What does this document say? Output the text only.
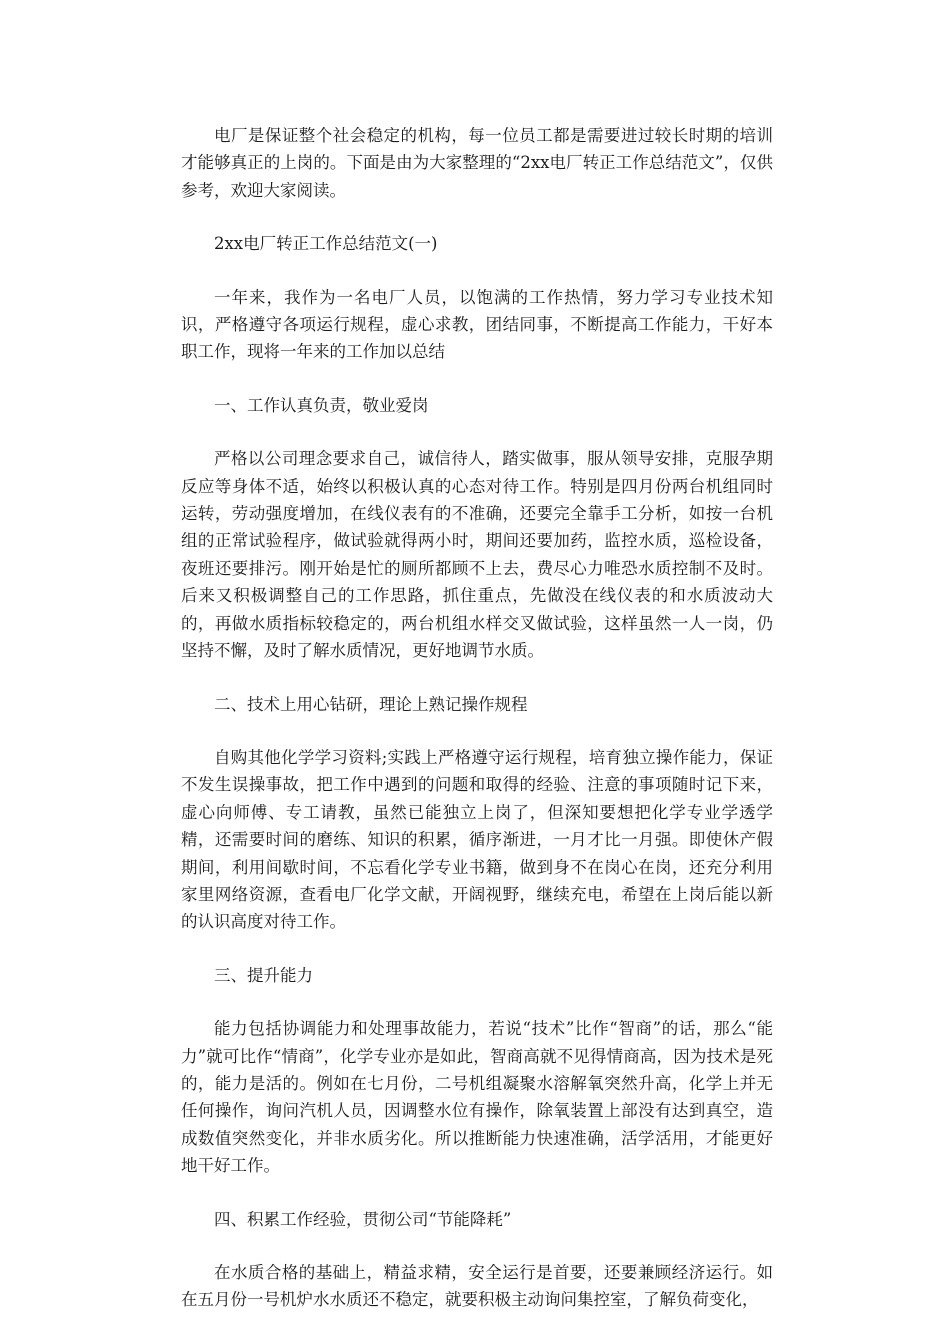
电厂是保证整个社会稳定的机构，每一位员工都是需要进过较长时期的培训才能够真正的上岗的。下面是由为大家整理的“2xx电厂转正工作总结范文”，仅供参考，欢迎大家阅读。

2xx电厂转正工作总结范文(一)

一年来，我作为一名电厂人员，以饱满的工作热情，努力学习专业技术知识，严格遵守各项运行规程，虚心求教，团结同事，不断提高工作能力，干好本职工作，现将一年来的工作加以总结

一、工作认真负责，敬业爱岗

严格以公司理念要求自己，诚信待人，踏实做事，服从领导安排，克服孕期反应等身体不适，始终以积极认真的心态对待工作。特别是四月份两台机组同时运转，劳动强度增加，在线仪表有的不准确，还要完全靠手工分析，如按一台机组的正常试验程序，做试验就得两小时，期间还要加药，监控水质，巡检设备，夜班还要排污。刚开始是忙的厕所都顾不上去，费尽心力唯恐水质控制不及时。后来又积极调整自己的工作思路，抓住重点，先做没在线仪表的和水质波动大的，再做水质指标较稳定的，两台机组水样交叉做试验，这样虽然一人一岗，仍坚持不懈，及时了解水质情况，更好地调节水质。

二、技术上用心钻研，理论上熟记操作规程

自购其他化学学习资料;实践上严格遵守运行规程，培育独立操作能力，保证不发生误操事故，把工作中遇到的问题和取得的经验、注意的事项随时记下来，虚心向师傅、专工请教，虽然已能独立上岗了，但深知要想把化学专业学透学精，还需要时间的磨练、知识的积累，循序渐进，一月才比一月强。即使休产假期间，利用间歇时间，不忘看化学专业书籍，做到身不在岗心在岗，还充分利用家里网络资源，查看电厂化学文献，开阔视野，继续充电，希望在上岗后能以新的认识高度对待工作。

三、提升能力

能力包括协调能力和处理事故能力，若说“技术”比作“智商”的话，那么“能力”就可比作“情商”，化学专业亦是如此，智商高就不见得情商高，因为技术是死的，能力是活的。例如在七月份，二号机组凝聚水溶解氧突然升高，化学上并无任何操作，询问汽机人员，因调整水位有操作，除氧装置上部没有达到真空，造成数值突然变化，并非水质劣化。所以推断能力快速准确，活学活用，才能更好地干好工作。

四、积累工作经验，贯彻公司“节能降耗”

在水质合格的基础上，精益求精，安全运行是首要，还要兼顾经济运行。如在五月份一号机炉水水质还不稳定，就要积极主动询问集控室，了解负荷变化，
